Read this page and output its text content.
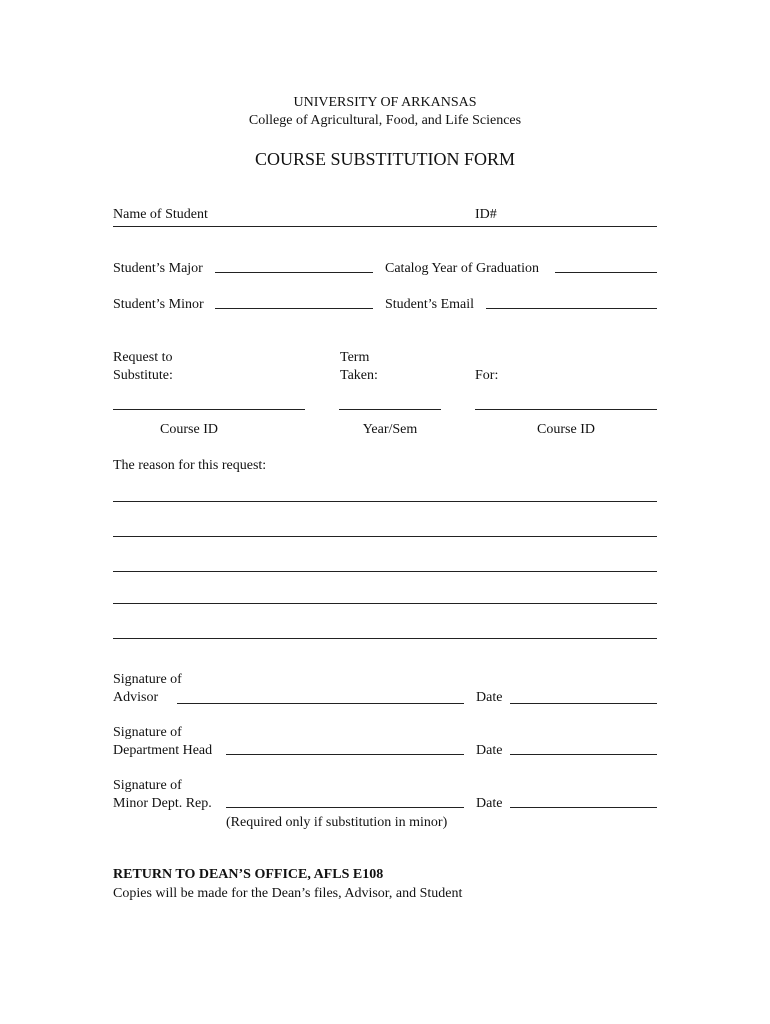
UNIVERSITY OF ARKANSAS
College of Agricultural, Food, and Life Sciences
COURSE SUBSTITUTION FORM
Name of Student	ID#
Student’s Major	Catalog Year of Graduation
Student’s Minor	Student’s Email
Request to
Substitute:
Term
Taken:	For:
Course ID	Year/Sem	Course ID
The reason for this request:
Signature of
Advisor	Date
Signature of
Department Head	Date
Signature of
Minor Dept. Rep.	Date
(Required only if substitution in minor)
RETURN TO DEAN’S OFFICE, AFLS E108
Copies will be made for the Dean’s files, Advisor, and Student
